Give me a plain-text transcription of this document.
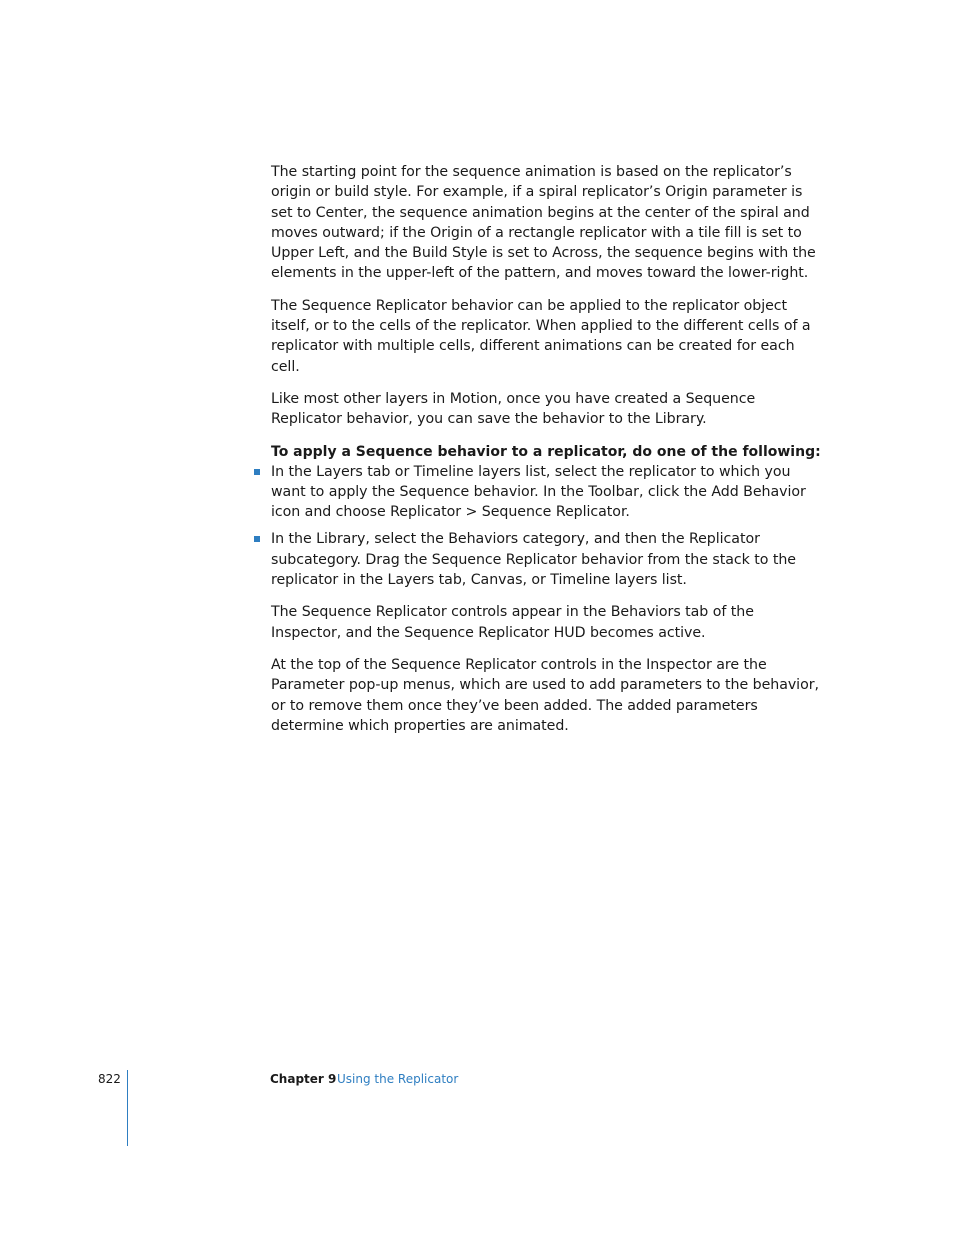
The starting point for the sequence animation is based on the replicator’s origin or build style. For example, if a spiral replicator’s Origin parameter is set to Center, the sequence animation begins at the center of the spiral and moves outward; if the Origin of a rectangle replicator with a tile fill is set to Upper Left, and the Build Style is set to Across, the sequence begins with the elements in the upper-left of the pattern, and moves toward the lower-right.

The Sequence Replicator behavior can be applied to the replicator object itself, or to the cells of the replicator. When applied to the different cells of a replicator with multiple cells, different animations can be created for each cell.

Like most other layers in Motion, once you have created a Sequence Replicator behavior, you can save the behavior to the Library.

To apply a Sequence behavior to a replicator, do one of the following:

In the Layers tab or Timeline layers list, select the replicator to which you want to apply the Sequence behavior. In the Toolbar, click the Add Behavior icon and choose Replicator > Sequence Replicator.
In the Library, select the Behaviors category, and then the Replicator subcategory. Drag the Sequence Replicator behavior from the stack to the replicator in the Layers tab, Canvas, or Timeline layers list.

The Sequence Replicator controls appear in the Behaviors tab of the Inspector, and the Sequence Replicator HUD becomes active.

At the top of the Sequence Replicator controls in the Inspector are the Parameter pop-up menus, which are used to add parameters to the behavior, or to remove them once they’ve been added. The added parameters determine which properties are animated.

822	Chapter 9 Using the Replicator
